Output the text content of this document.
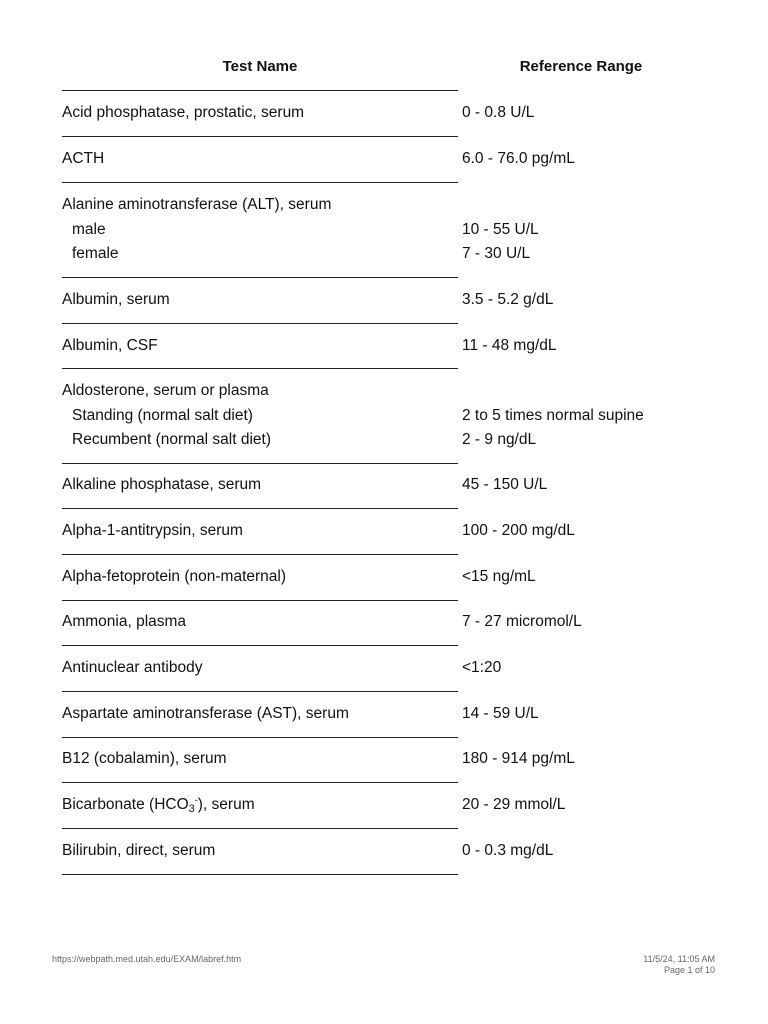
Test Name	Reference Range
Acid phosphatase, prostatic, serum	0 - 0.8 U/L
ACTH	6.0 - 76.0 pg/mL
Alanine aminotransferase (ALT), serum
male	10 - 55 U/L
female	7 - 30 U/L
Albumin, serum	3.5 - 5.2 g/dL
Albumin, CSF	11 - 48 mg/dL
Aldosterone, serum or plasma
Standing (normal salt diet)	2 to 5 times normal supine
Recumbent (normal salt diet)	2 - 9 ng/dL
Alkaline phosphatase, serum	45 - 150 U/L
Alpha-1-antitrypsin, serum	100 - 200 mg/dL
Alpha-fetoprotein (non-maternal)	<15 ng/mL
Ammonia, plasma	7 - 27 micromol/L
Antinuclear antibody	<1:20
Aspartate aminotransferase (AST), serum	14 - 59 U/L
B12 (cobalamin), serum	180 - 914 pg/mL
Bicarbonate $(HCO_3^-)$, serum	20 - 29 mmol/L
Bilirubin, direct, serum	0 - 0.3 mg/dL
https://webpath.med.utah.edu/EXAM/labref.htm	11/5/24, 11:05 AM
Page 1 of 10
